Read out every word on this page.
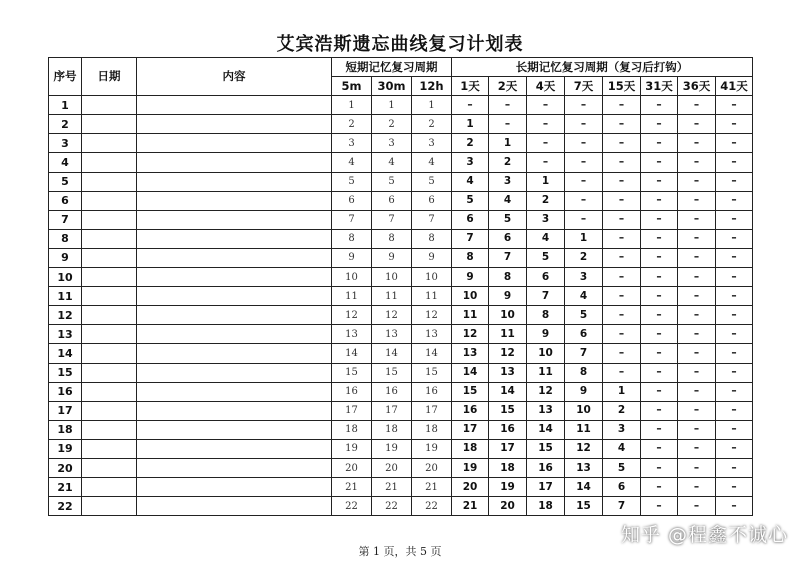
艾宾浩斯遗忘曲线复习计划表
序号	日期	内容	短期记忆复习周期			长期记忆复习周期（复习后打钩）							
			5m	30m	12h	1天	2天	4天	7天	15天	31天	36天	41天
1			1	1	1	–	–	–	–	–	–	–	–
2			2	2	2	1	–	–	–	–	–	–	–
3			3	3	3	2	1	–	–	–	–	–	–
4			4	4	4	3	2	–	–	–	–	–	–
5			5	5	5	4	3	1	–	–	–	–	–
6			6	6	6	5	4	2	–	–	–	–	–
7			7	7	7	6	5	3	–	–	–	–	–
8			8	8	8	7	6	4	1	–	–	–	–
9			9	9	9	8	7	5	2	–	–	–	–
10			10	10	10	9	8	6	3	–	–	–	–
11			11	11	11	10	9	7	4	–	–	–	–
12			12	12	12	11	10	8	5	–	–	–	–
13			13	13	13	12	11	9	6	–	–	–	–
14			14	14	14	13	12	10	7	–	–	–	–
15			15	15	15	14	13	11	8	–	–	–	–
16			16	16	16	15	14	12	9	1	–	–	–
17			17	17	17	16	15	13	10	2	–	–	–
18			18	18	18	17	16	14	11	3	–	–	–
19			19	19	19	18	17	15	12	4	–	–	–
20			20	20	20	19	18	16	13	5	–	–	–
21			21	21	21	20	19	17	14	6	–	–	–
22			22	22	22	21	20	18	15	7	–	–	–
第 1 页，共 5 页
知乎 @程鑫不诚心
